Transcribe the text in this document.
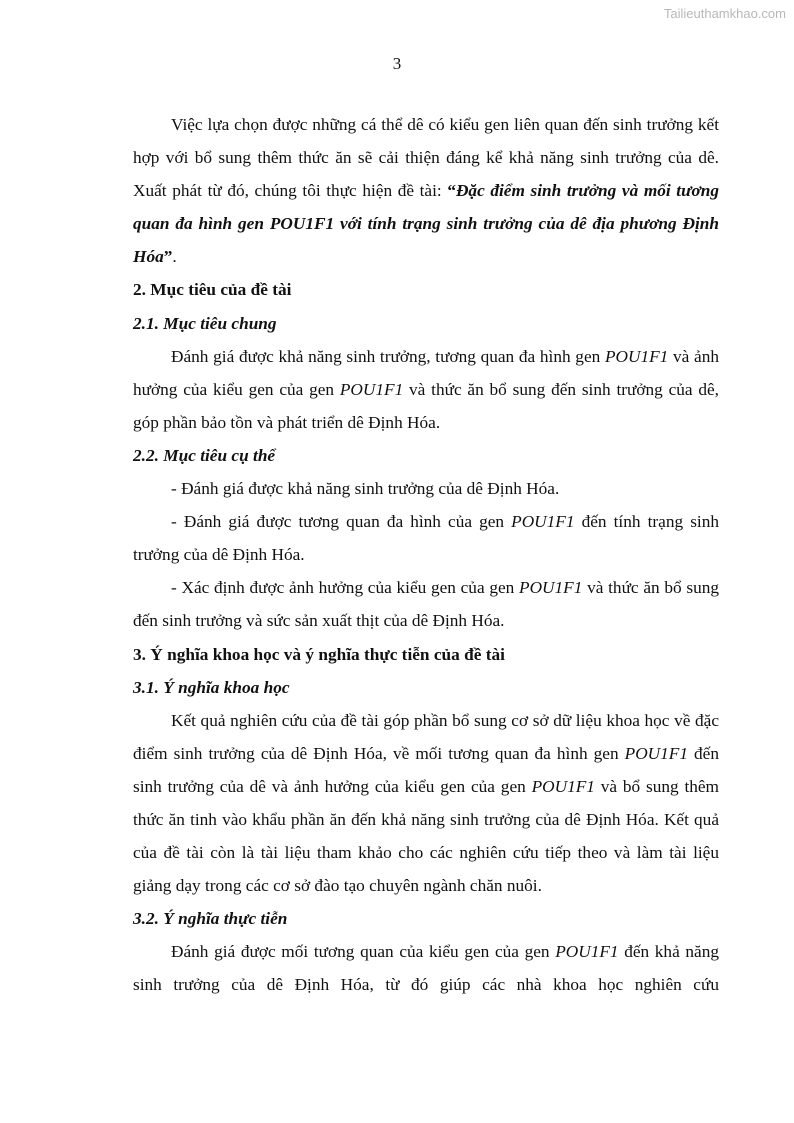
Tailieuthamkhao.com
3

Việc lựa chọn được những cá thể dê có kiểu gen liên quan đến sinh trưởng kết hợp với bổ sung thêm thức ăn sẽ cải thiện đáng kể khả năng sinh trưởng của dê. Xuất phát từ đó, chúng tôi thực hiện đề tài: “Đặc điểm sinh trưởng và mối tương quan đa hình gen POU1F1 với tính trạng sinh trưởng của dê địa phương Định Hóa”.

2. Mục tiêu của đề tài
2.1. Mục tiêu chung

Đánh giá được khả năng sinh trưởng, tương quan đa hình gen POU1F1 và ảnh hưởng của kiểu gen của gen POU1F1 và thức ăn bổ sung đến sinh trưởng của dê, góp phần bảo tồn và phát triển dê Định Hóa.

2.2. Mục tiêu cụ thể

- Đánh giá được khả năng sinh trưởng của dê Định Hóa.

- Đánh giá được tương quan đa hình của gen POU1F1 đến tính trạng sinh trưởng của dê Định Hóa.

- Xác định được ảnh hưởng của kiểu gen của gen POU1F1 và thức ăn bổ sung đến sinh trưởng và sức sản xuất thịt của dê Định Hóa.

3. Ý nghĩa khoa học và ý nghĩa thực tiễn của đề tài
3.1. Ý nghĩa khoa học

Kết quả nghiên cứu của đề tài góp phần bổ sung cơ sở dữ liệu khoa học về đặc điểm sinh trưởng của dê Định Hóa, về mối tương quan đa hình gen POU1F1 đến sinh trưởng của dê và ảnh hưởng của kiểu gen của gen POU1F1 và bổ sung thêm thức ăn tinh vào khẩu phần ăn đến khả năng sinh trưởng của dê Định Hóa. Kết quả của đề tài còn là tài liệu tham khảo cho các nghiên cứu tiếp theo và làm tài liệu giảng dạy trong các cơ sở đào tạo chuyên ngành chăn nuôi.

3.2. Ý nghĩa thực tiễn

Đánh giá được mối tương quan của kiểu gen của gen POU1F1 đến khả năng sinh trưởng của dê Định Hóa, từ đó giúp các nhà khoa học nghiên cứu
